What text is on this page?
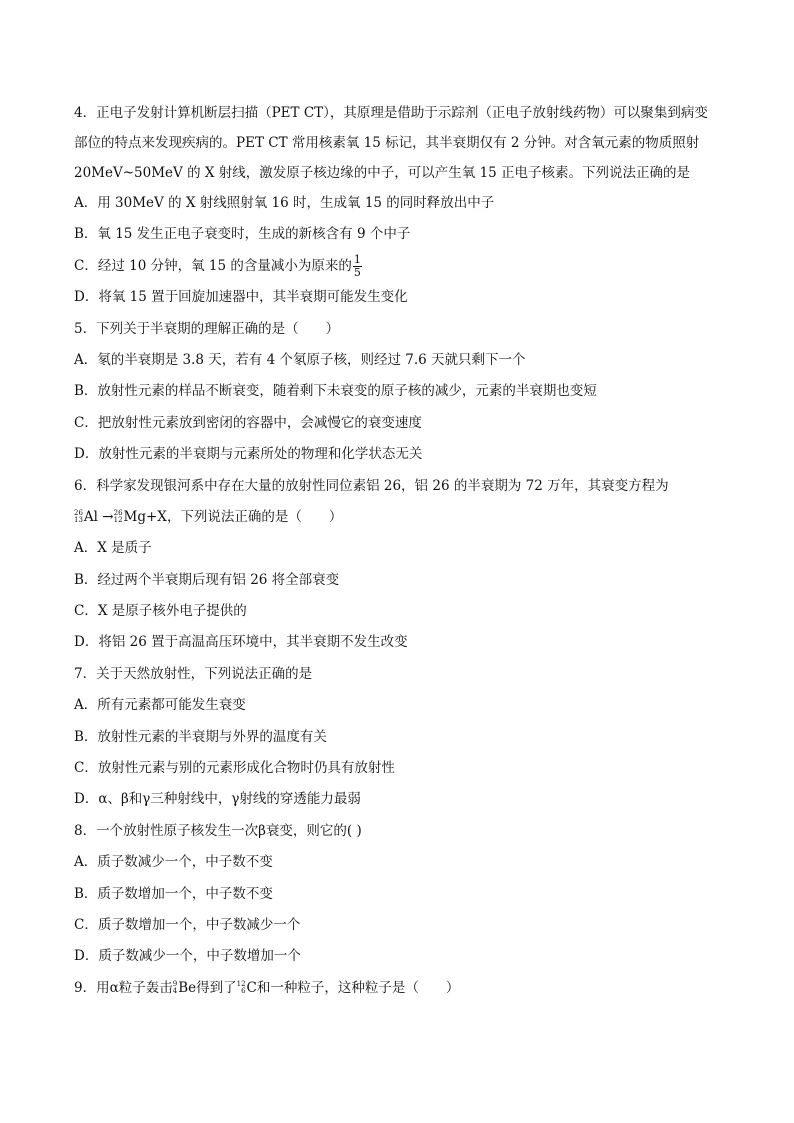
4．正电子发射计算机断层扫描（PET CT），其原理是借助于示踪剂（正电子放射线药物）可以聚集到病变
部位的特点来发现疾病的。PET CT 常用核素氧 15 标记，其半衰期仅有 2 分钟。对含氧元素的物质照射
20MeV~50MeV 的 X 射线，激发原子核边缘的中子，可以产生氧 15 正电子核素。下列说法正确的是
A．用 30MeV 的 X 射线照射氧 16 时，生成氧 15 的同时释放出中子
B．氧 15 发生正电子衰变时，生成的新核含有 9 个中子
C．经过 10 分钟，氧 15 的含量减小为原来的 $\frac{1}{5}$
D．将氧 15 置于回旋加速器中，其半衰期可能发生变化
5．下列关于半衰期的理解正确的是（　　）
A．氡的半衰期是 3.8 天，若有 4 个氡原子核，则经过 7.6 天就只剩下一个
B．放射性元素的样品不断衰变，随着剩下未衰变的原子核的减少，元素的半衰期也变短
C．把放射性元素放到密闭的容器中，会减慢它的衰变速度
D．放射性元素的半衰期与元素所处的物理和化学状态无关
6．科学家发现银河系中存在大量的放射性同位素铝 26，铝 26 的半衰期为 72 万年，其衰变方程为
26
13 Al → 26
12 Mg+X，下列说法正确的是（　　）
A．X 是质子
B．经过两个半衰期后现有铝 26 将全部衰变
C．X 是原子核外电子提供的
D．将铝 26 置于高温高压环境中，其半衰期不发生改变
7．关于天然放射性，下列说法正确的是
A．所有元素都可能发生衰变
B．放射性元素的半衰期与外界的温度有关
C．放射性元素与别的元素形成化合物时仍具有放射性
D．α、β和γ三种射线中，γ射线的穿透能力最弱
8．一个放射性原子核发生一次β衰变，则它的( )
A．质子数减少一个，中子数不变
B．质子数增加一个，中子数不变
C．质子数增加一个，中子数减少一个
D．质子数减少一个，中子数增加一个
9．用α粒子轰击 9
4 Be得到了 12
6 C和一种粒子，这种粒子是（　　）
